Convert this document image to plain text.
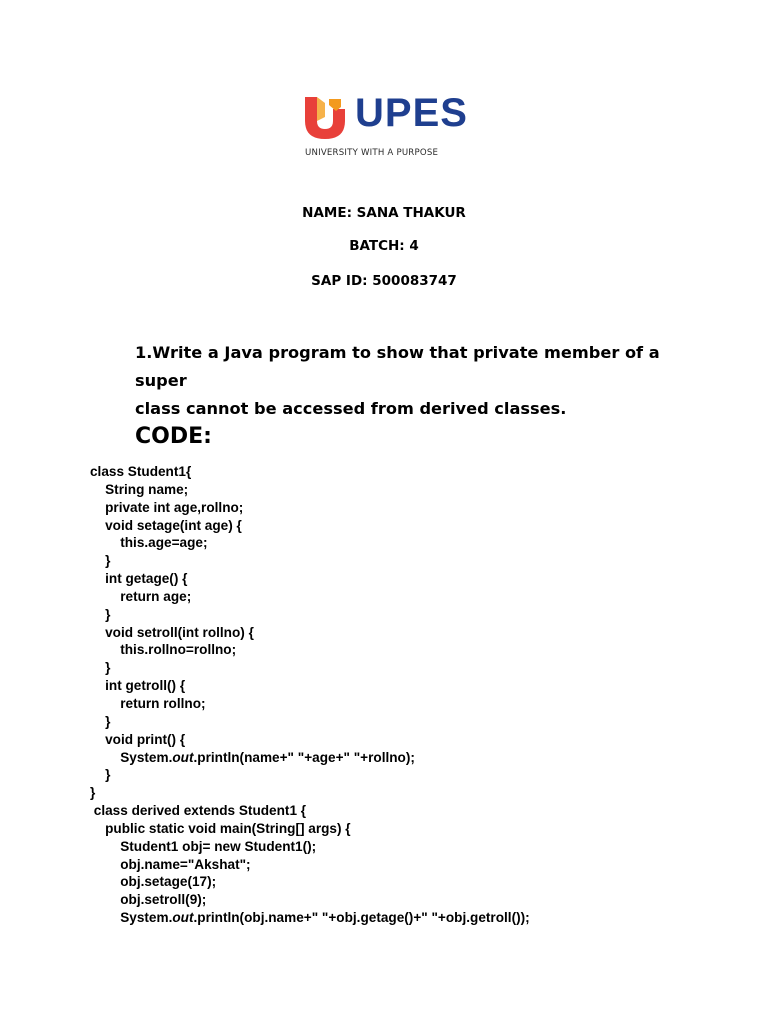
UPES
UNIVERSITY WITH A PURPOSE
NAME: SANA THAKUR
BATCH: 4
SAP ID: 500083747
1.Write a Java program to show that private member of a super
class cannot be accessed from derived classes.
CODE:
class Student1{
String name;
private int age,rollno;
void setage(int age) {
this.age=age;
}
int getage() {
return age;
}
void setroll(int rollno) {
this.rollno=rollno;
}
int getroll() {
return rollno;
}
void print() {
System.out.println(name+" "+age+" "+rollno);
}
}
class derived extends Student1 {
public static void main(String[] args) {
Student1 obj= new Student1();
obj.name="Akshat";
obj.setage(17);
obj.setroll(9);
System.out.println(obj.name+" "+obj.getage()+" "+obj.getroll());
